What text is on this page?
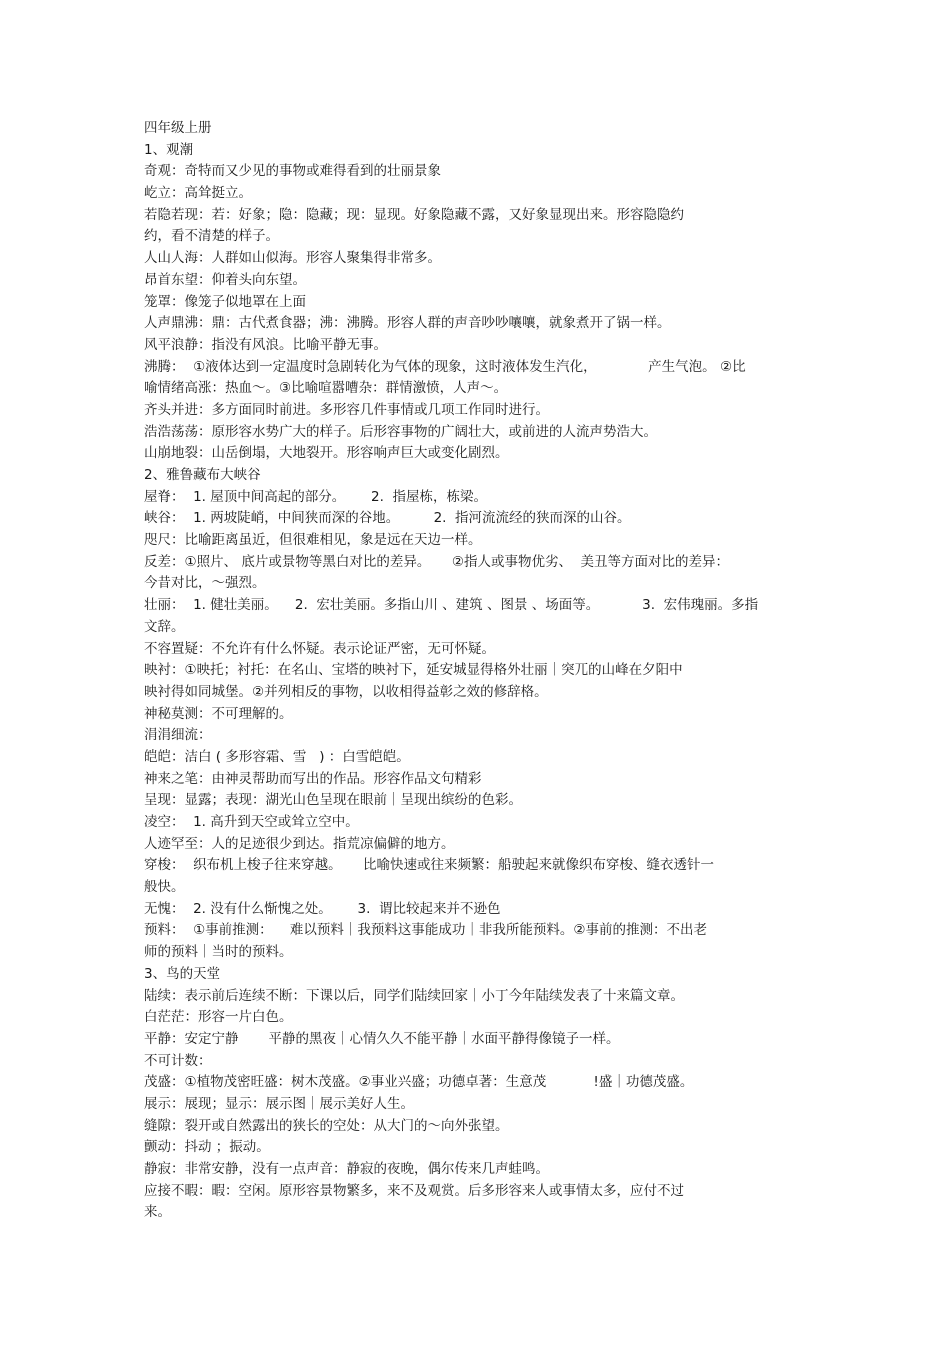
四年级上册
1、观潮
奇观：奇特而又少见的事物或难得看到的壮丽景象
屹立：高耸挺立。
若隐若现：若：好象；隐：隐藏；现：显现。好象隐藏不露，又好象显现出来。形容隐隐约
约，看不清楚的样子。
人山人海：人群如山似海。形容人聚集得非常多。
昂首东望：仰着头向东望。
笼罩：像笼子似地罩在上面
人声鼎沸：鼎：古代煮食器；沸：沸腾。形容人群的声音吵吵嚷嚷，就象煮开了锅一样。
风平浪静：指没有风浪。比喻平静无事。
沸腾：  ①液体达到一定温度时急剧转化为气体的现象，这时液体发生汽化，            产生气泡。 ②比
喻情绪高涨：热血～。③比喻喧嚣嘈杂：群情激愤，人声～。
齐头并进：多方面同时前进。多形容几件事情或几项工作同时进行。
浩浩荡荡：原形容水势广大的样子。后形容事物的广阔壮大，或前进的人流声势浩大。
山崩地裂：山岳倒塌，大地裂开。形容响声巨大或变化剧烈。
2、雅鲁藏布大峡谷
屋脊：  1. 屋顶中间高起的部分。      2.  指屋栋，栋梁。
峡谷：  1. 两坡陡峭，中间狭而深的谷地。        2.  指河流流经的狭而深的山谷。
咫尺：比喻距离虽近，但很难相见，象是远在天边一样。
反差：①照片、 底片或景物等黑白对比的差异。     ②指人或事物优劣、  美丑等方面对比的差异：
今昔对比，～强烈。
壮丽：  1. 健壮美丽。    2.  宏壮美丽。多指山川 、建筑 、图景 、场面等。          3.  宏伟瑰丽。多指
文辞。
不容置疑：不允许有什么怀疑。表示论证严密，无可怀疑。
映衬：①映托；衬托：在名山、宝塔的映衬下，延安城显得格外壮丽｜突兀的山峰在夕阳中
映衬得如同城堡。②并列相反的事物，以收相得益彰之效的修辞格。
神秘莫测：不可理解的。
涓涓细流：
皑皑：洁白 ( 多形容霜、雪   ) ：白雪皑皑。
神来之笔：由神灵帮助而写出的作品。形容作品文句精彩
呈现：显露；表现：湖光山色呈现在眼前｜呈现出缤纷的色彩。
凌空：  1. 高升到天空或耸立空中。
人迹罕至：人的足迹很少到达。指荒凉偏僻的地方。
穿梭：  织布机上梭子往来穿越。     比喻快速或往来频繁：船驶起来就像织布穿梭、缝衣透针一
般快。
无愧：  2. 没有什么惭愧之处。      3.  谓比较起来并不逊色
预料：  ①事前推测：    难以预料｜我预料这事能成功｜非我所能预料。②事前的推测：不出老
师的预料｜当时的预料。
3、鸟的天堂
陆续：表示前后连续不断：下课以后，同学们陆续回家｜小丁今年陆续发表了十来篇文章。
白茫茫：形容一片白色。
平静：安定宁静       平静的黑夜｜心情久久不能平静｜水面平静得像镜子一样。
不可计数：
茂盛：①植物茂密旺盛：树木茂盛。②事业兴盛；功德卓著：生意茂           !盛｜功德茂盛。
展示：展现；显示：展示图｜展示美好人生。
缝隙：裂开或自然露出的狭长的空处：从大门的～向外张望。
颤动：抖动 ；振动。
静寂：非常安静，没有一点声音：静寂的夜晚，偶尔传来几声蛙鸣。
应接不暇：暇：空闲。原形容景物繁多，来不及观赏。后多形容来人或事情太多，应付不过
来。
